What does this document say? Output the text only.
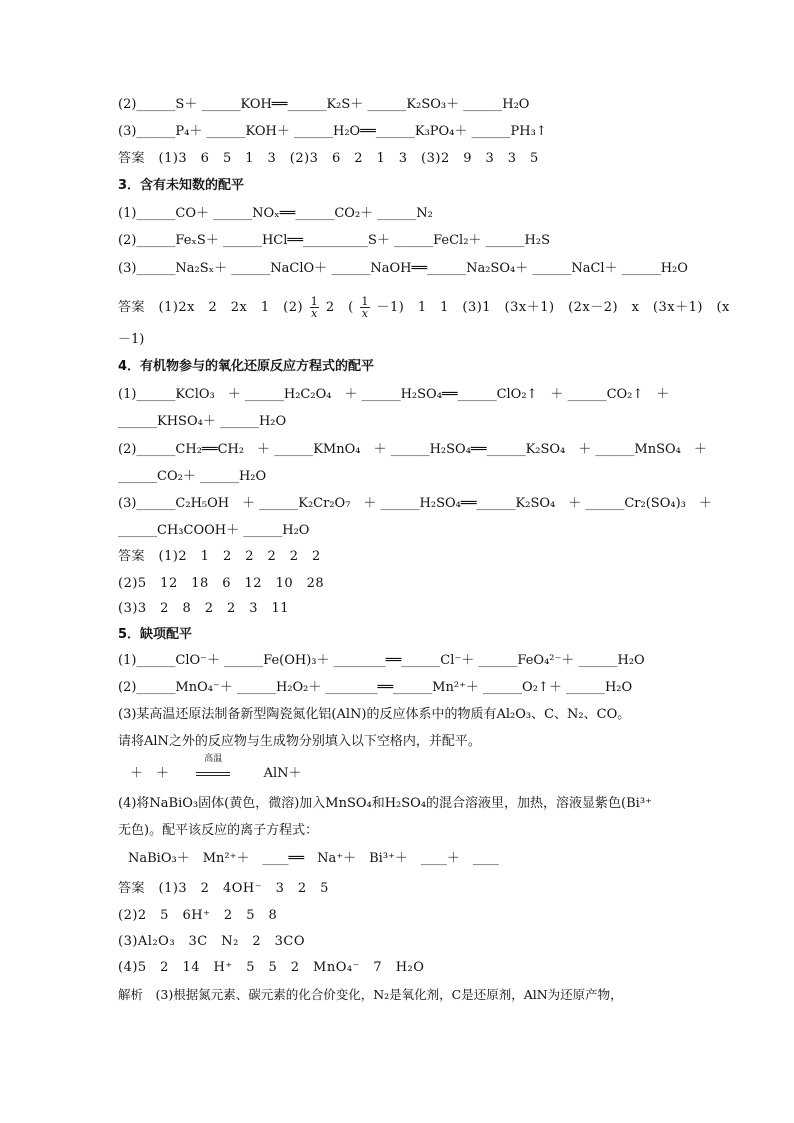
(2)______S＋ ______KOH══______K₂S＋ ______K₂SO₃＋ ______H₂O
(3)______P₄＋ ______KOH＋ ______H₂O══______K₃PO₄＋ ______PH₃↑
答案　(1)3　6　5　1　3　(2)3　6　2　1　3　(3)2　9　3　3　5
3．含有未知数的配平
(1)______CO＋ ______NOₓ══______CO₂＋ ______N₂
(2)______FeₓS＋ ______HCl══__________S＋ ______FeCl₂＋ ______H₂S
(3)______Na₂Sₓ＋ ______NaClO＋ ______NaOH══______Na₂SO₄＋ ______NaCl＋ ______H₂O
答案　(1)2x　2　2x　1　$(2) \frac{1}{x} 2$　( $\frac{1}{x} -1$)　1　1　(3)1　(3x＋1)　(2x－2)　x　(3x＋1)　(x
－1)
4．有机物参与的氧化还原反应方程式的配平
(1)______KClO₃　＋ ______H₂C₂O₄　＋ ______H₂SO₄══______ClO₂↑　＋ ______CO₂↑　＋
______KHSO₄＋ ______H₂O
(2)______CH₂══CH₂　＋ ______KMnO₄　＋ ______H₂SO₄══______K₂SO₄　＋ ______MnSO₄　＋
______CO₂＋ ______H₂O
(3)______C₂H₅OH　＋ ______K₂Cr₂O₇　＋ ______H₂SO₄══______K₂SO₄　＋ ______Cr₂(SO₄)₃　＋
______CH₃COOH＋ ______H₂O
答案　(1)2　1　2　2　2　2　2
(2)5　12　18　6　12　10　28
(3)3　2　8　2　2　3　11
5．缺项配平
(1)______ClO⁻＋ ______Fe(OH)₃＋ ________══______Cl⁻＋ ______FeO₄²⁻＋ ______H₂O
(2)______MnO₄⁻＋ ______H₂O₂＋ ________══______Mn²⁺＋ ______O₂↑＋ ______H₂O
(3)某高温还原法制备新型陶瓷氮化铝(AlN)的反应体系中的物质有Al₂O₃、C、N₂、CO。
请将AlN之外的反应物与生成物分别填入以下空格内，并配平。
＋　＋
高温
AlN＋
(4)将NaBiO₃固体(黄色，微溶)加入MnSO₄和H₂SO₄的混合溶液里，加热，溶液显紫色(Bi³⁺
无色)。配平该反应的离子方程式：
NaBiO₃＋　Mn²⁺＋　____══　Na⁺＋　Bi³⁺＋　____＋　____
答案　(1)3　2　4OH⁻　3　2　5
(2)2　5　6H⁺　2　5　8
(3)Al₂O₃　3C　N₂　2　3CO
(4)5　2　14　H⁺　5　5　2　MnO₄⁻　7　H₂O
解析　(3)根据氮元素、碳元素的化合价变化，N₂是氧化剂，C是还原剂，AlN为还原产物，
